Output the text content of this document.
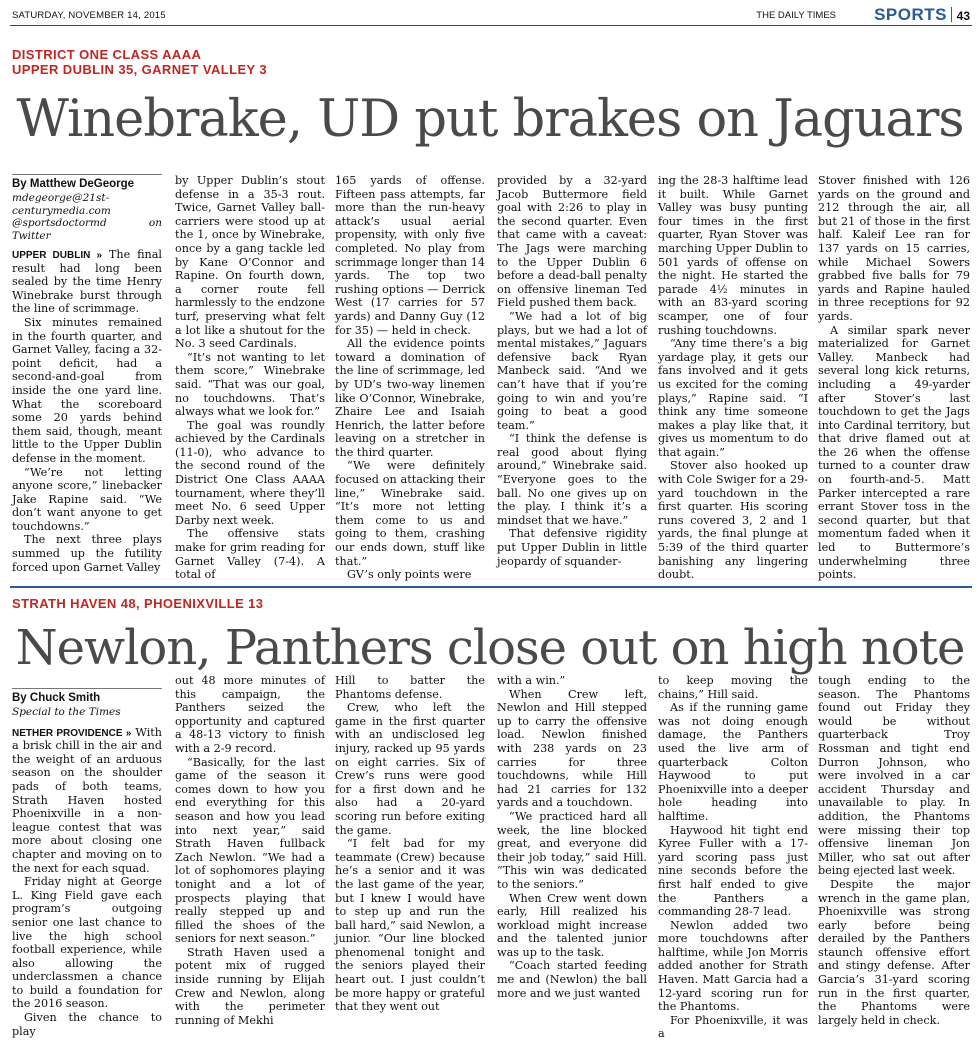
SATURDAY, NOVEMBER 14, 2015	THE DAILY TIMES SPORTS 43
DISTRICT ONE CLASS AAAA
UPPER DUBLIN 35, GARNET VALLEY 3
Winebrake, UD put brakes on Jaguars
By Matthew DeGeorge
mdegeorge@21st-centurymedia.com
@sportsdoctormd on Twitter

UPPER DUBLIN » The final result had long been sealed by the time Henry Winebrake burst through the line of scrimmage.

Six minutes remained in the fourth quarter, and Garnet Valley, facing a 32-point deficit, had a second-and-goal from inside the one yard line. What the scoreboard some 20 yards behind them said, though, meant little to the Upper Dublin defense in the moment.

“We’re not letting anyone score,” linebacker Jake Rapine said. “We don’t want anyone to get touchdowns.”

The next three plays summed up the futility forced upon Garnet Valley

by Upper Dublin’s stout defense in a 35-3 rout. Twice, Garnet Valley ball-carriers were stood up at the 1, once by Winebrake, once by a gang tackle led by Kane O’Connor and Rapine. On fourth down, a corner route fell harmlessly to the endzone turf, preserving what felt a lot like a shutout for the No. 3 seed Cardinals.

“It’s not wanting to let them score,” Winebrake said. “That was our goal, no touchdowns. That’s always what we look for.”

The goal was roundly achieved by the Cardinals (11-0), who advance to the second round of the District One Class AAAA tournament, where they’ll meet No. 6 seed Upper Darby next week.

The offensive stats make for grim reading for Garnet Valley (7-4). A total of

165 yards of offense. Fifteen pass attempts, far more than the run-heavy attack’s usual aerial propensity, with only five completed. No play from scrimmage longer than 14 yards. The top two rushing options — Derrick West (17 carries for 57 yards) and Danny Guy (12 for 35) — held in check.

All the evidence points toward a domination of the line of scrimmage, led by UD’s two-way linemen like O’Connor, Winebrake, Zhaire Lee and Isaiah Henrich, the latter before leaving on a stretcher in the third quarter.

“We were definitely focused on attacking their line,” Winebrake said. “It’s more not letting them come to us and going to them, crashing our ends down, stuff like that.”

GV’s only points were

provided by a 32-yard Jacob Buttermore field goal with 2:26 to play in the second quarter. Even that came with a caveat: The Jags were marching to the Upper Dublin 6 before a dead-ball penalty on offensive lineman Ted Field pushed them back.

“We had a lot of big plays, but we had a lot of mental mistakes,” Jaguars defensive back Ryan Manbeck said. “And we can’t have that if you’re going to win and you’re going to beat a good team.”

“I think the defense is real good about flying around,” Winebrake said. “Everyone goes to the ball. No one gives up on the play. I think it’s a mindset that we have.”

That defensive rigidity put Upper Dublin in little jeopardy of squander-

ing the 28-3 halftime lead it built. While Garnet Valley was busy punting four times in the first quarter, Ryan Stover was marching Upper Dublin to 501 yards of offense on the night. He started the parade 4½ minutes in with an 83-yard scoring scamper, one of four rushing touchdowns.

“Any time there’s a big yardage play, it gets our fans involved and it gets us excited for the coming plays,” Rapine said. “I think any time someone makes a play like that, it gives us momentum to do that again.”

Stover also hooked up with Cole Swiger for a 29-yard touchdown in the first quarter. His scoring runs covered 3, 2 and 1 yards, the final plunge at 5:39 of the third quarter banishing any lingering doubt.

Stover finished with 126 yards on the ground and 212 through the air, all but 21 of those in the first half. Kaleif Lee ran for 137 yards on 15 carries, while Michael Sowers grabbed five balls for 79 yards and Rapine hauled in three receptions for 92 yards.

A similar spark never materialized for Garnet Valley. Manbeck had several long kick returns, including a 49-yarder after Stover’s last touchdown to get the Jags into Cardinal territory, but that drive flamed out at the 26 when the offense turned to a counter draw on fourth-and-5. Matt Parker intercepted a rare errant Stover toss in the second quarter, but that momentum faded when it led to Buttermore’s underwhelming three points.

STRATH HAVEN 48, PHOENIXVILLE 13
Newlon, Panthers close out on high note
By Chuck Smith
Special to the Times

NETHER PROVIDENCE » With a brisk chill in the air and the weight of an arduous season on the shoulder pads of both teams, Strath Haven hosted Phoenixville in a non-league contest that was more about closing one chapter and moving on to the next for each squad.

Friday night at George L. King Field gave each program’s outgoing senior one last chance to live the high school football experience, while also allowing the underclassmen a chance to build a foundation for the 2016 season.

Given the chance to play

out 48 more minutes of this campaign, the Panthers seized the opportunity and captured a 48-13 victory to finish with a 2-9 record.

“Basically, for the last game of the season it comes down to how you end everything for this season and how you lead into next year,” said Strath Haven fullback Zach Newlon. “We had a lot of sophomores playing tonight and a lot of prospects playing that really stepped up and filled the shoes of the seniors for next season.”

Strath Haven used a potent mix of rugged inside running by Elijah Crew and Newlon, along with the perimeter running of Mekhi

Hill to batter the Phantoms defense.

Crew, who left the game in the first quarter with an undisclosed leg injury, racked up 95 yards on eight carries. Six of Crew’s runs were good for a first down and he also had a 20-yard scoring run before exiting the game.

“I felt bad for my teammate (Crew) because he’s a senior and it was the last game of the year, but I knew I would have to step up and run the ball hard,” said Newlon, a junior. “Our line blocked phenomenal tonight and the seniors played their heart out. I just couldn’t be more happy or grateful that they went out

with a win.”

When Crew left, Newlon and Hill stepped up to carry the offensive load. Newlon finished with 238 yards on 23 carries for three touchdowns, while Hill had 21 carries for 132 yards and a touchdown.

“We practiced hard all week, the line blocked great, and everyone did their job today,” said Hill. “This win was dedicated to the seniors.”

When Crew went down early, Hill realized his workload might increase and the talented junior was up to the task.

“Coach started feeding me and (Newlon) the ball more and we just wanted

to keep moving the chains,” Hill said.

As if the running game was not doing enough damage, the Panthers used the live arm of quarterback Colton Haywood to put Phoenixville into a deeper hole heading into halftime.

Haywood hit tight end Kyree Fuller with a 17-yard scoring pass just nine seconds before the first half ended to give the Panthers a commanding 28-7 lead.

Newlon added two more touchdowns after halftime, while Jon Morris added another for Strath Haven. Matt Garcia had a 12-yard scoring run for the Phantoms.

For Phoenixville, it was a

tough ending to the season. The Phantoms found out Friday they would be without quarterback Troy Rossman and tight end Durron Johnson, who were involved in a car accident Thursday and unavailable to play. In addition, the Phantoms were missing their top offensive lineman Jon Miller, who sat out after being ejected last week.

Despite the major wrench in the game plan, Phoenixville was strong early before being derailed by the Panthers staunch offensive effort and stingy defense. After Garcia’s 31-yard scoring run in the first quarter, the Phantoms were largely held in check.
